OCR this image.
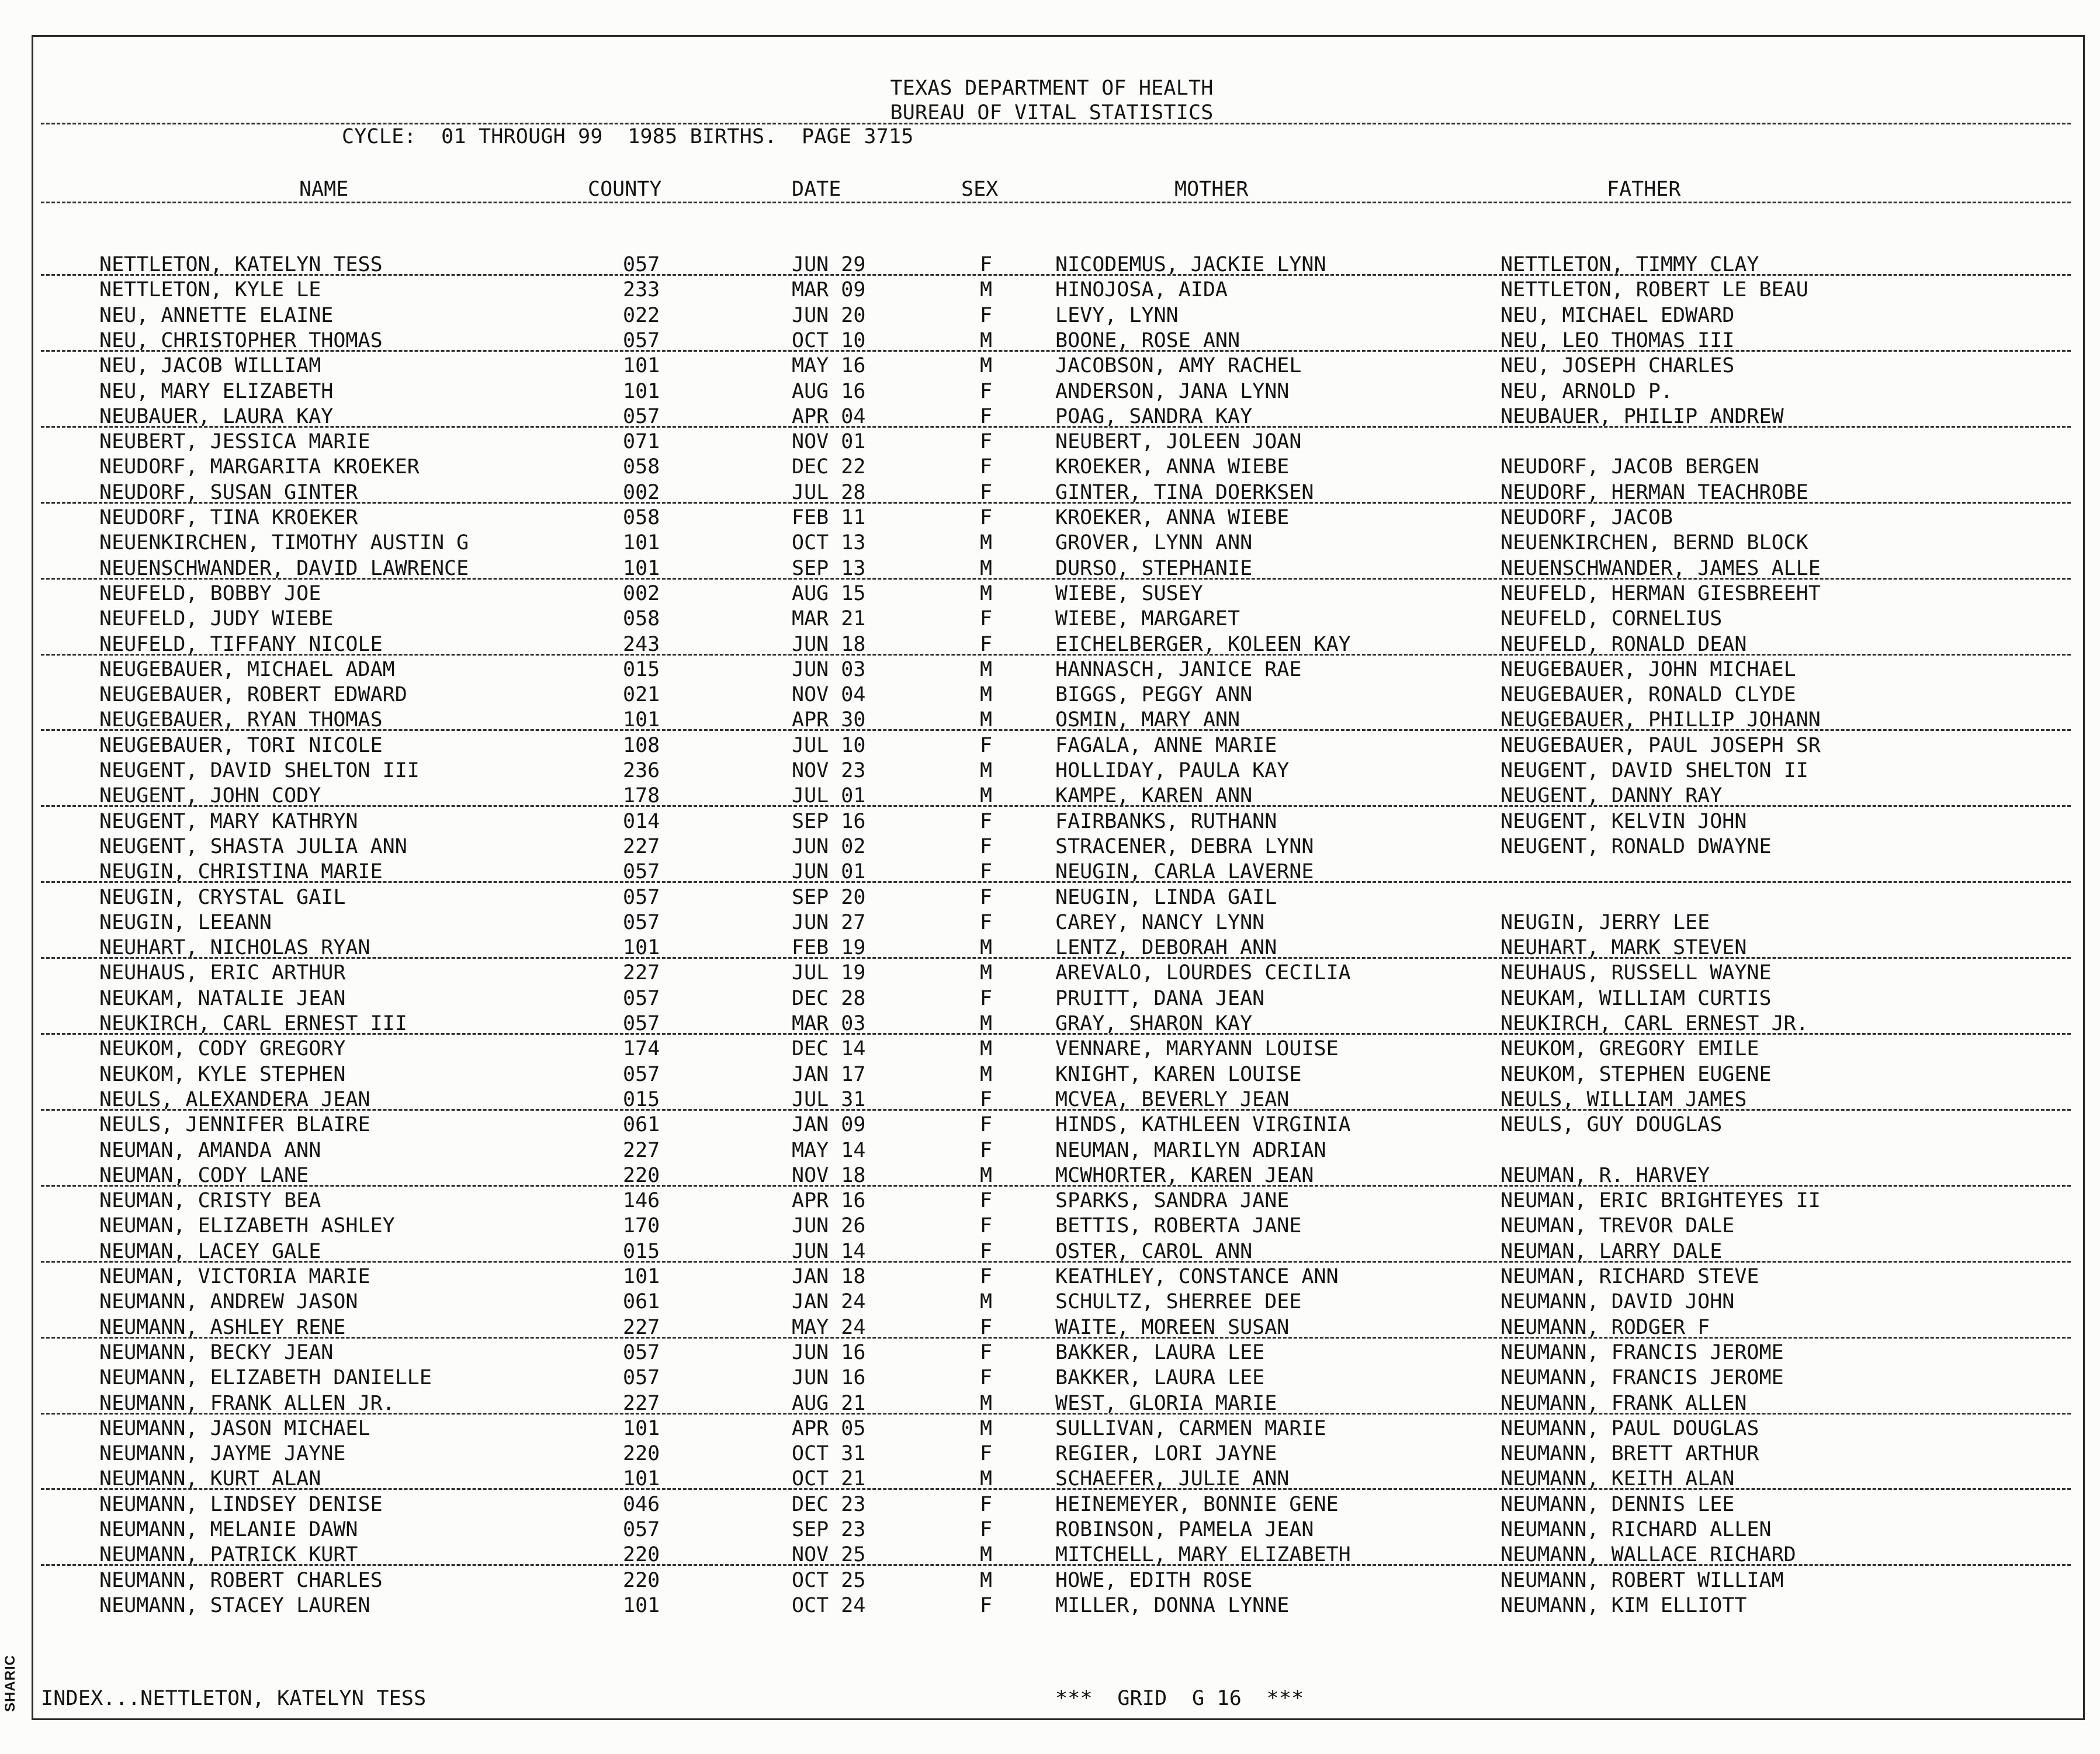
TEXAS DEPARTMENT OF HEALTH
BUREAU OF VITAL STATISTICS
CYCLE:  01 THROUGH 99  1985 BIRTHS.  PAGE 3715
NAME	COUNTY	DATE	SEX	MOTHER	FATHER
NETTLETON, KATELYN TESS	057	JUN 29	F	NICODEMUS, JACKIE LYNN	NETTLETON, TIMMY CLAY
NETTLETON, KYLE LE	233	MAR 09	M	HINOJOSA, AIDA	NETTLETON, ROBERT LE BEAU
NEU, ANNETTE ELAINE	022	JUN 20	F	LEVY, LYNN	NEU, MICHAEL EDWARD
NEU, CHRISTOPHER THOMAS	057	OCT 10	M	BOONE, ROSE ANN	NEU, LEO THOMAS III
NEU, JACOB WILLIAM	101	MAY 16	M	JACOBSON, AMY RACHEL	NEU, JOSEPH CHARLES
NEU, MARY ELIZABETH	101	AUG 16	F	ANDERSON, JANA LYNN	NEU, ARNOLD P.
NEUBAUER, LAURA KAY	057	APR 04	F	POAG, SANDRA KAY	NEUBAUER, PHILIP ANDREW
NEUBERT, JESSICA MARIE	071	NOV 01	F	NEUBERT, JOLEEN JOAN
NEUDORF, MARGARITA KROEKER	058	DEC 22	F	KROEKER, ANNA WIEBE	NEUDORF, JACOB BERGEN
NEUDORF, SUSAN GINTER	002	JUL 28	F	GINTER, TINA DOERKSEN	NEUDORF, HERMAN TEACHROBE
NEUDORF, TINA KROEKER	058	FEB 11	F	KROEKER, ANNA WIEBE	NEUDORF, JACOB
NEUENKIRCHEN, TIMOTHY AUSTIN G	101	OCT 13	M	GROVER, LYNN ANN	NEUENKIRCHEN, BERND BLOCK
NEUENSCHWANDER, DAVID LAWRENCE	101	SEP 13	M	DURSO, STEPHANIE	NEUENSCHWANDER, JAMES ALLE
NEUFELD, BOBBY JOE	002	AUG 15	M	WIEBE, SUSEY	NEUFELD, HERMAN GIESBREEHT
NEUFELD, JUDY WIEBE	058	MAR 21	F	WIEBE, MARGARET	NEUFELD, CORNELIUS
NEUFELD, TIFFANY NICOLE	243	JUN 18	F	EICHELBERGER, KOLEEN KAY	NEUFELD, RONALD DEAN
NEUGEBAUER, MICHAEL ADAM	015	JUN 03	M	HANNASCH, JANICE RAE	NEUGEBAUER, JOHN MICHAEL
NEUGEBAUER, ROBERT EDWARD	021	NOV 04	M	BIGGS, PEGGY ANN	NEUGEBAUER, RONALD CLYDE
NEUGEBAUER, RYAN THOMAS	101	APR 30	M	OSMIN, MARY ANN	NEUGEBAUER, PHILLIP JOHANN
NEUGEBAUER, TORI NICOLE	108	JUL 10	F	FAGALA, ANNE MARIE	NEUGEBAUER, PAUL JOSEPH SR
NEUGENT, DAVID SHELTON III	236	NOV 23	M	HOLLIDAY, PAULA KAY	NEUGENT, DAVID SHELTON II
NEUGENT, JOHN CODY	178	JUL 01	M	KAMPE, KAREN ANN	NEUGENT, DANNY RAY
NEUGENT, MARY KATHRYN	014	SEP 16	F	FAIRBANKS, RUTHANN	NEUGENT, KELVIN JOHN
NEUGENT, SHASTA JULIA ANN	227	JUN 02	F	STRACENER, DEBRA LYNN	NEUGENT, RONALD DWAYNE
NEUGIN, CHRISTINA MARIE	057	JUN 01	F	NEUGIN, CARLA LAVERNE
NEUGIN, CRYSTAL GAIL	057	SEP 20	F	NEUGIN, LINDA GAIL
NEUGIN, LEEANN	057	JUN 27	F	CAREY, NANCY LYNN	NEUGIN, JERRY LEE
NEUHART, NICHOLAS RYAN	101	FEB 19	M	LENTZ, DEBORAH ANN	NEUHART, MARK STEVEN
NEUHAUS, ERIC ARTHUR	227	JUL 19	M	AREVALO, LOURDES CECILIA	NEUHAUS, RUSSELL WAYNE
NEUKAM, NATALIE JEAN	057	DEC 28	F	PRUITT, DANA JEAN	NEUKAM, WILLIAM CURTIS
NEUKIRCH, CARL ERNEST III	057	MAR 03	M	GRAY, SHARON KAY	NEUKIRCH, CARL ERNEST JR.
NEUKOM, CODY GREGORY	174	DEC 14	M	VENNARE, MARYANN LOUISE	NEUKOM, GREGORY EMILE
NEUKOM, KYLE STEPHEN	057	JAN 17	M	KNIGHT, KAREN LOUISE	NEUKOM, STEPHEN EUGENE
NEULS, ALEXANDERA JEAN	015	JUL 31	F	MCVEA, BEVERLY JEAN	NEULS, WILLIAM JAMES
NEULS, JENNIFER BLAIRE	061	JAN 09	F	HINDS, KATHLEEN VIRGINIA	NEULS, GUY DOUGLAS
NEUMAN, AMANDA ANN	227	MAY 14	F	NEUMAN, MARILYN ADRIAN
NEUMAN, CODY LANE	220	NOV 18	M	MCWHORTER, KAREN JEAN	NEUMAN, R. HARVEY
NEUMAN, CRISTY BEA	146	APR 16	F	SPARKS, SANDRA JANE	NEUMAN, ERIC BRIGHTEYES II
NEUMAN, ELIZABETH ASHLEY	170	JUN 26	F	BETTIS, ROBERTA JANE	NEUMAN, TREVOR DALE
NEUMAN, LACEY GALE	015	JUN 14	F	OSTER, CAROL ANN	NEUMAN, LARRY DALE
NEUMAN, VICTORIA MARIE	101	JAN 18	F	KEATHLEY, CONSTANCE ANN	NEUMAN, RICHARD STEVE
NEUMANN, ANDREW JASON	061	JAN 24	M	SCHULTZ, SHERREE DEE	NEUMANN, DAVID JOHN
NEUMANN, ASHLEY RENE	227	MAY 24	F	WAITE, MOREEN SUSAN	NEUMANN, RODGER F
NEUMANN, BECKY JEAN	057	JUN 16	F	BAKKER, LAURA LEE	NEUMANN, FRANCIS JEROME
NEUMANN, ELIZABETH DANIELLE	057	JUN 16	F	BAKKER, LAURA LEE	NEUMANN, FRANCIS JEROME
NEUMANN, FRANK ALLEN JR.	227	AUG 21	M	WEST, GLORIA MARIE	NEUMANN, FRANK ALLEN
NEUMANN, JASON MICHAEL	101	APR 05	M	SULLIVAN, CARMEN MARIE	NEUMANN, PAUL DOUGLAS
NEUMANN, JAYME JAYNE	220	OCT 31	F	REGIER, LORI JAYNE	NEUMANN, BRETT ARTHUR
NEUMANN, KURT ALAN	101	OCT 21	M	SCHAEFER, JULIE ANN	NEUMANN, KEITH ALAN
NEUMANN, LINDSEY DENISE	046	DEC 23	F	HEINEMEYER, BONNIE GENE	NEUMANN, DENNIS LEE
NEUMANN, MELANIE DAWN	057	SEP 23	F	ROBINSON, PAMELA JEAN	NEUMANN, RICHARD ALLEN
NEUMANN, PATRICK KURT	220	NOV 25	M	MITCHELL, MARY ELIZABETH	NEUMANN, WALLACE RICHARD
NEUMANN, ROBERT CHARLES	220	OCT 25	M	HOWE, EDITH ROSE	NEUMANN, ROBERT WILLIAM
NEUMANN, STACEY LAUREN	101	OCT 24	F	MILLER, DONNA LYNNE	NEUMANN, KIM ELLIOTT
INDEX...NETTLETON, KATELYN TESS	***  GRID  G 16  ***
SHARIC
